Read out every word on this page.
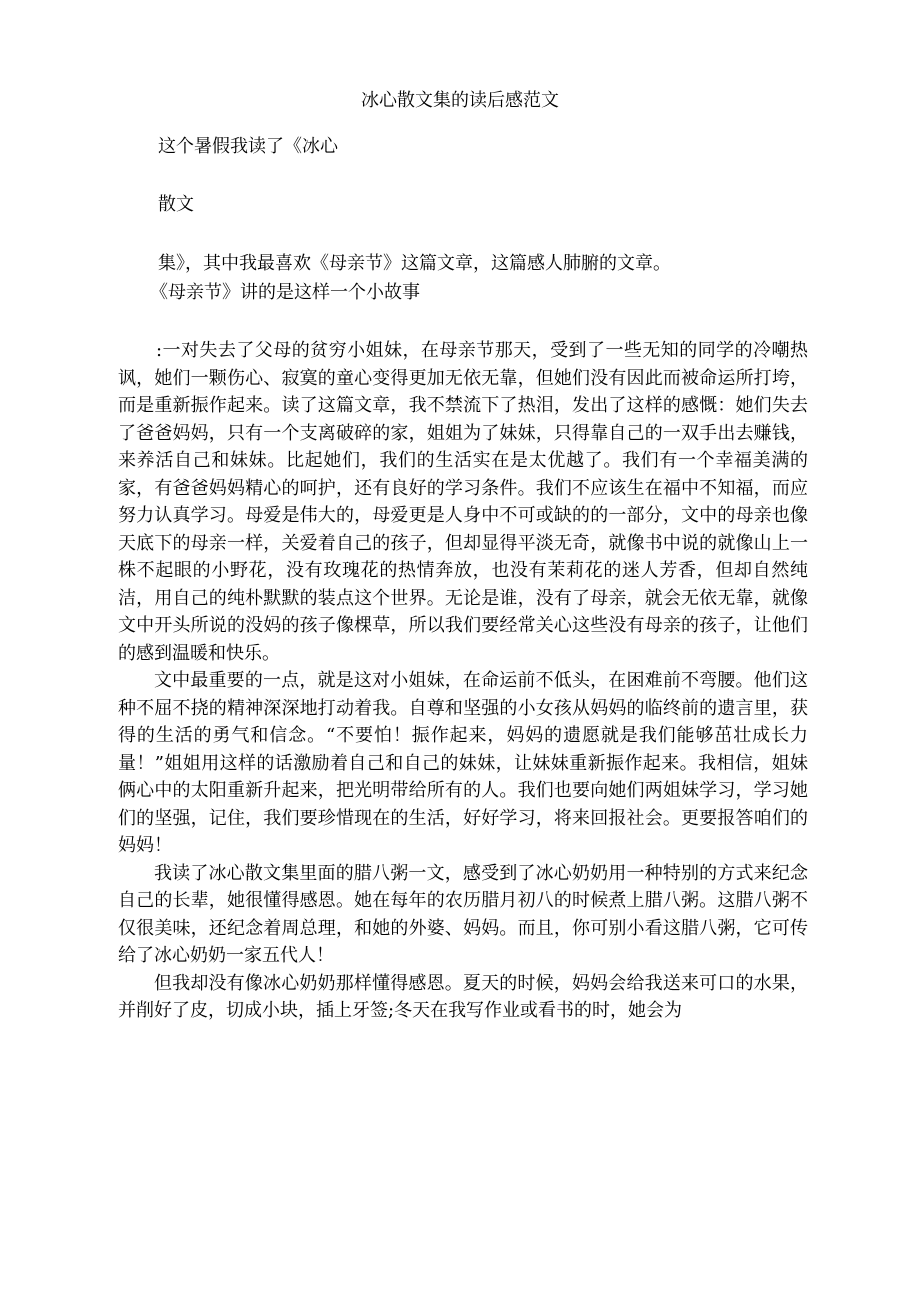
冰心散文集的读后感范文
这个暑假我读了《冰心
散文
集》，其中我最喜欢《母亲节》这篇文章，这篇感人肺腑的文章。
《母亲节》讲的是这样一个小故事

:一对失去了父母的贫穷小姐妹，在母亲节那天，受到了一些无知的同学的冷嘲热讽，她们一颗伤心、寂寞的童心变得更加无依无靠，但她们没有因此而被命运所打垮，而是重新振作起来。读了这篇文章，我不禁流下了热泪，发出了这样的感慨：她们失去了爸爸妈妈，只有一个支离破碎的家，姐姐为了妹妹，只得靠自己的一双手出去赚钱，来养活自己和妹妹。比起她们，我们的生活实在是太优越了。我们有一个幸福美满的家，有爸爸妈妈精心的呵护，还有良好的学习条件。我们不应该生在福中不知福，而应努力认真学习。母爱是伟大的，母爱更是人身中不可或缺的的一部分，文中的母亲也像天底下的母亲一样，关爱着自己的孩子，但却显得平淡无奇，就像书中说的就像山上一株不起眼的小野花，没有玫瑰花的热情奔放，也没有茉莉花的迷人芳香，但却自然纯洁，用自己的纯朴默默的装点这个世界。无论是谁，没有了母亲，就会无依无靠，就像文中开头所说的没妈的孩子像棵草，所以我们要经常关心这些没有母亲的孩子，让他们的感到温暖和快乐。

文中最重要的一点，就是这对小姐妹，在命运前不低头，在困难前不弯腰。他们这种不屈不挠的精神深深地打动着我。自尊和坚强的小女孩从妈妈的临终前的遗言里，获得的生活的勇气和信念。“不要怕！振作起来，妈妈的遗愿就是我们能够茁壮成长力量！”姐姐用这样的话激励着自己和自己的妹妹，让妹妹重新振作起来。我相信，姐妹俩心中的太阳重新升起来，把光明带给所有的人。我们也要向她们两姐妹学习，学习她们的坚强，记住，我们要珍惜现在的生活，好好学习，将来回报社会。更要报答咱们的妈妈！

我读了冰心散文集里面的腊八粥一文，感受到了冰心奶奶用一种特别的方式来纪念自己的长辈，她很懂得感恩。她在每年的农历腊月初八的时候煮上腊八粥。这腊八粥不仅很美味，还纪念着周总理，和她的外婆、妈妈。而且，你可别小看这腊八粥，它可传给了冰心奶奶一家五代人！

但我却没有像冰心奶奶那样懂得感恩。夏天的时候，妈妈会给我送来可口的水果，并削好了皮，切成小块，插上牙签;冬天在我写作业或看书的时，她会为
